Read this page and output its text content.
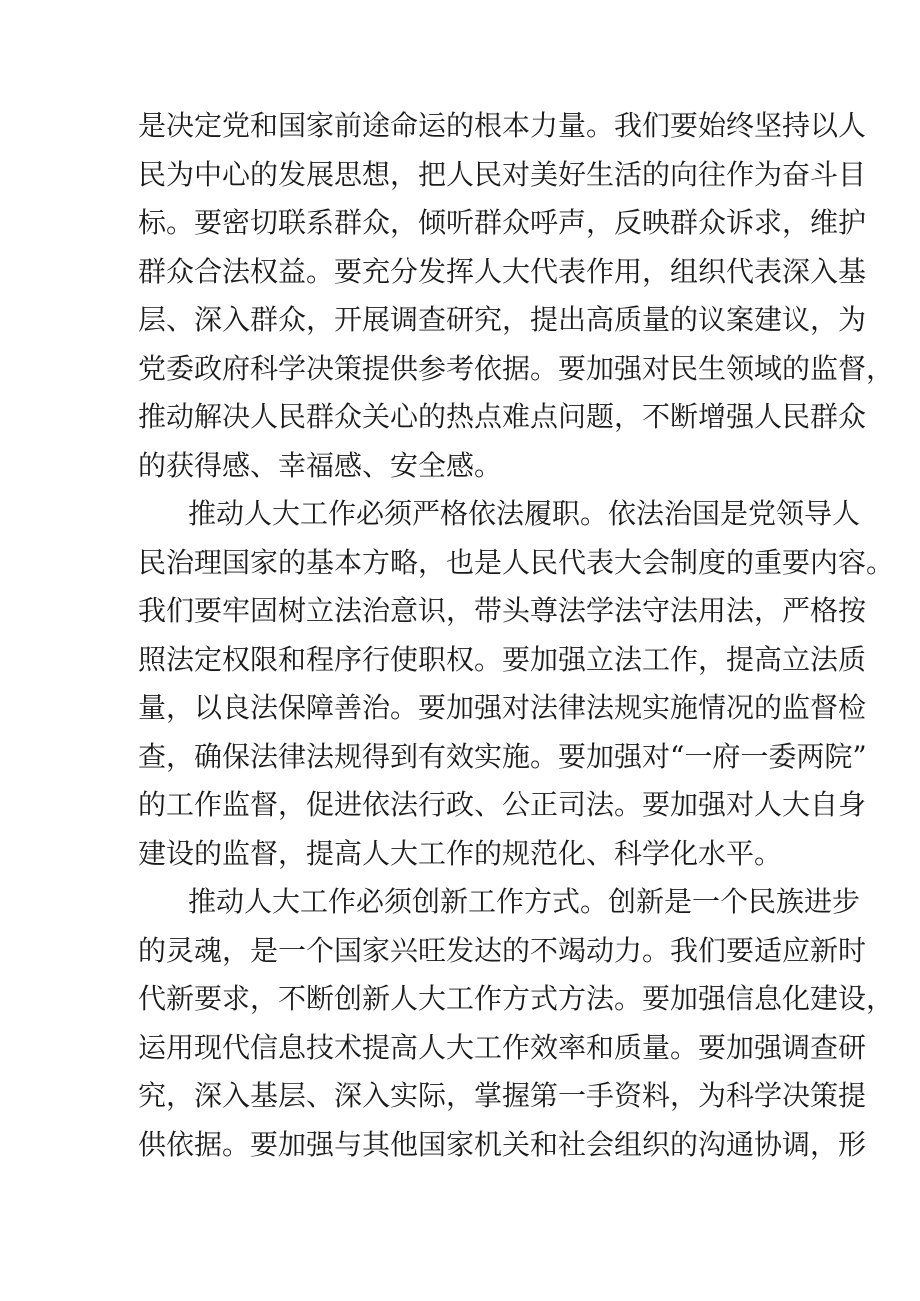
是决定党和国家前途命运的根本力量。我们要始终坚持以人
民为中心的发展思想，把人民对美好生活的向往作为奋斗目
标。要密切联系群众，倾听群众呼声，反映群众诉求，维护
群众合法权益。要充分发挥人大代表作用，组织代表深入基
层、深入群众，开展调查研究，提出高质量的议案建议，为
党委政府科学决策提供参考依据。要加强对民生领域的监督，
推动解决人民群众关心的热点难点问题，不断增强人民群众
的获得感、幸福感、安全感。
推动人大工作必须严格依法履职。依法治国是党领导人
民治理国家的基本方略，也是人民代表大会制度的重要内容。
我们要牢固树立法治意识，带头尊法学法守法用法，严格按
照法定权限和程序行使职权。要加强立法工作，提高立法质
量，以良法保障善治。要加强对法律法规实施情况的监督检
查，确保法律法规得到有效实施。要加强对“一府一委两院”
的工作监督，促进依法行政、公正司法。要加强对人大自身
建设的监督，提高人大工作的规范化、科学化水平。
推动人大工作必须创新工作方式。创新是一个民族进步
的灵魂，是一个国家兴旺发达的不竭动力。我们要适应新时
代新要求，不断创新人大工作方式方法。要加强信息化建设，
运用现代信息技术提高人大工作效率和质量。要加强调查研
究，深入基层、深入实际，掌握第一手资料，为科学决策提
供依据。要加强与其他国家机关和社会组织的沟通协调，形
